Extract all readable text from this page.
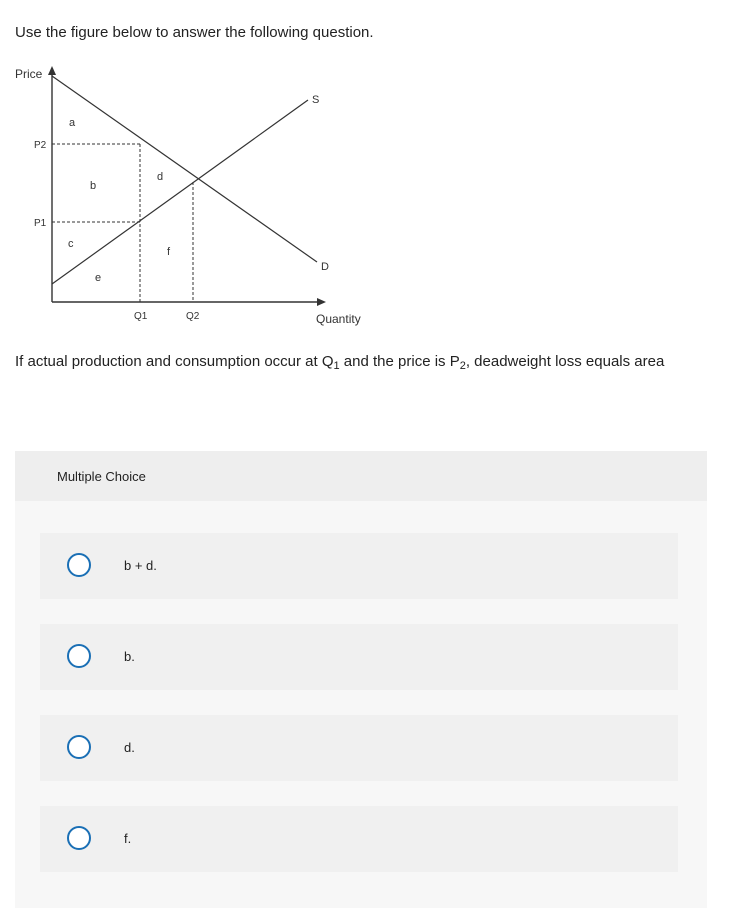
Use the figure below to answer the following question.
Price
Quantity
P2
P1
Q1	Q2
S
D
a
b
c
d
e
f
If actual production and consumption occur at $Q_1$ and the price is $P_2$, deadweight loss equals area
Multiple Choice
b + d.
b.
d.
f.
